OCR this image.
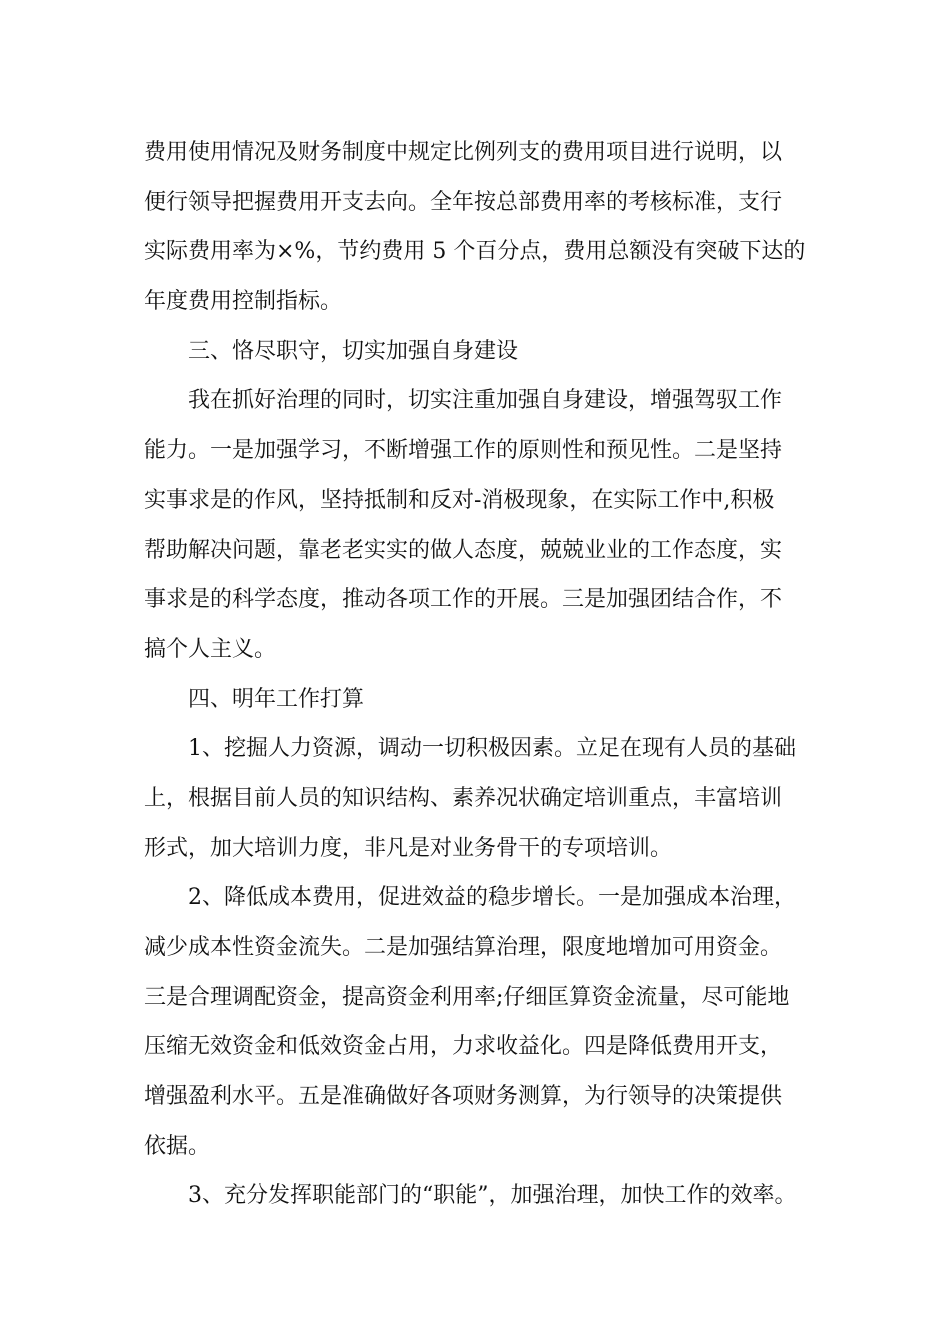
费用使用情况及财务制度中规定比例列支的费用项目进行说明，以
便行领导把握费用开支去向。全年按总部费用率的考核标准，支行
实际费用率为×%，节约费用 5 个百分点，费用总额没有突破下达的
年度费用控制指标。
三、恪尽职守，切实加强自身建设
我在抓好治理的同时，切实注重加强自身建设，增强驾驭工作
能力。一是加强学习，不断增强工作的原则性和预见性。二是坚持
实事求是的作风，坚持抵制和反对-消极现象，在实际工作中,积极
帮助解决问题，靠老老实实的做人态度，兢兢业业的工作态度，实
事求是的科学态度，推动各项工作的开展。三是加强团结合作，不
搞个人主义。
四、明年工作打算
1、挖掘人力资源，调动一切积极因素。立足在现有人员的基础
上，根据目前人员的知识结构、素养况状确定培训重点，丰富培训
形式，加大培训力度，非凡是对业务骨干的专项培训。
2、降低成本费用，促进效益的稳步增长。一是加强成本治理，
减少成本性资金流失。二是加强结算治理，限度地增加可用资金。
三是合理调配资金，提高资金利用率;仔细匡算资金流量，尽可能地
压缩无效资金和低效资金占用，力求收益化。四是降低费用开支，
增强盈利水平。五是准确做好各项财务测算，为行领导的决策提供
依据。
3、充分发挥职能部门的“职能”，加强治理，加快工作的效率。
